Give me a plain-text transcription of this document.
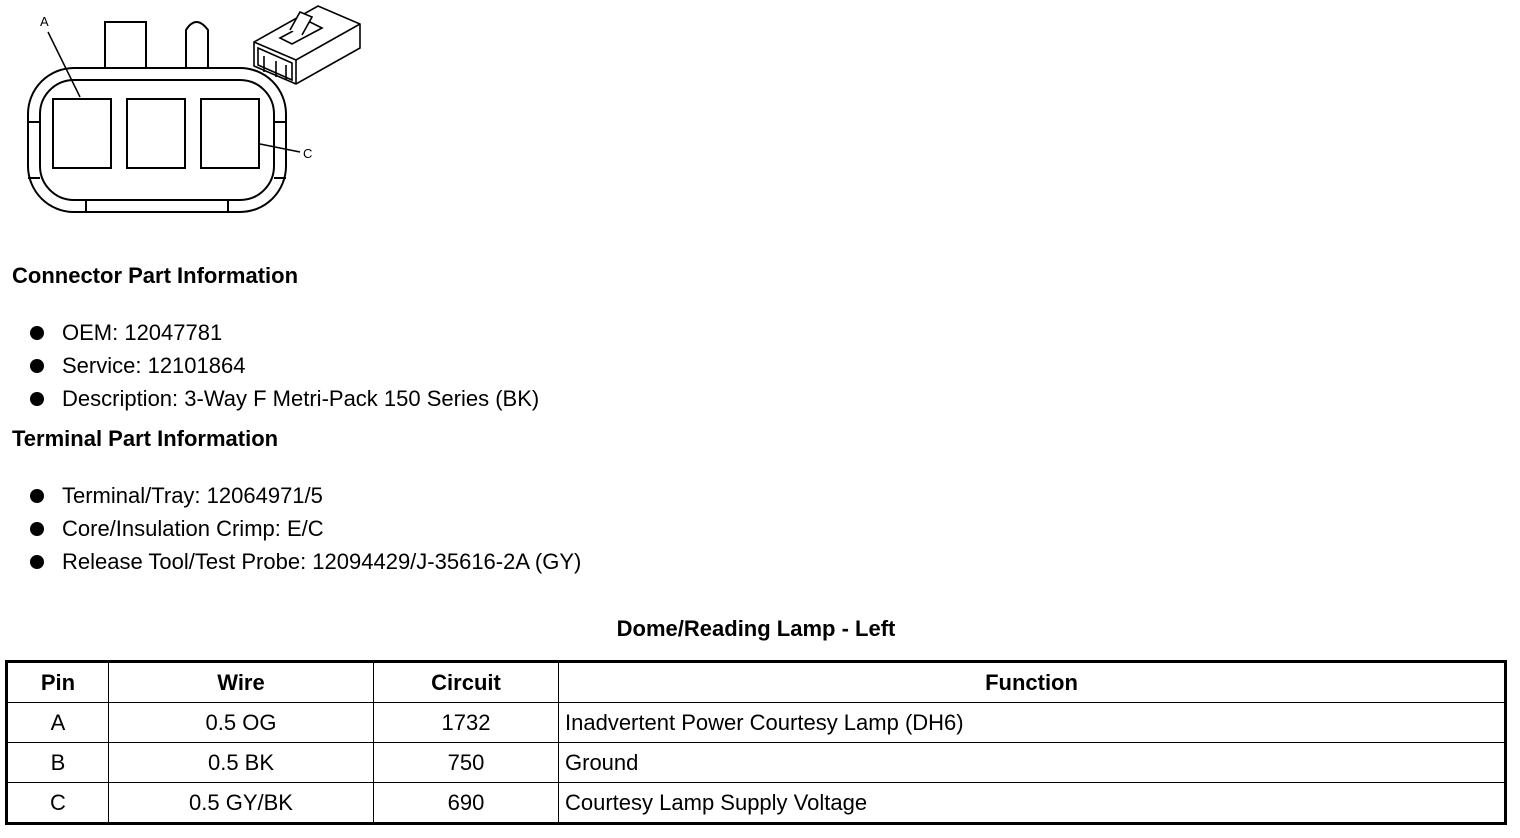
A
C
Connector Part Information
OEM: 12047781
Service: 12101864
Description: 3-Way F Metri-Pack 150 Series (BK)
Terminal Part Information
Terminal/Tray: 12064971/5
Core/Insulation Crimp: E/C
Release Tool/Test Probe: 12094429/J-35616-2A (GY)
Dome/Reading Lamp - Left
Pin	Wire	Circuit	Function
A	0.5 OG	1732	Inadvertent Power Courtesy Lamp (DH6)
B	0.5 BK	750	Ground
C	0.5 GY/BK	690	Courtesy Lamp Supply Voltage
